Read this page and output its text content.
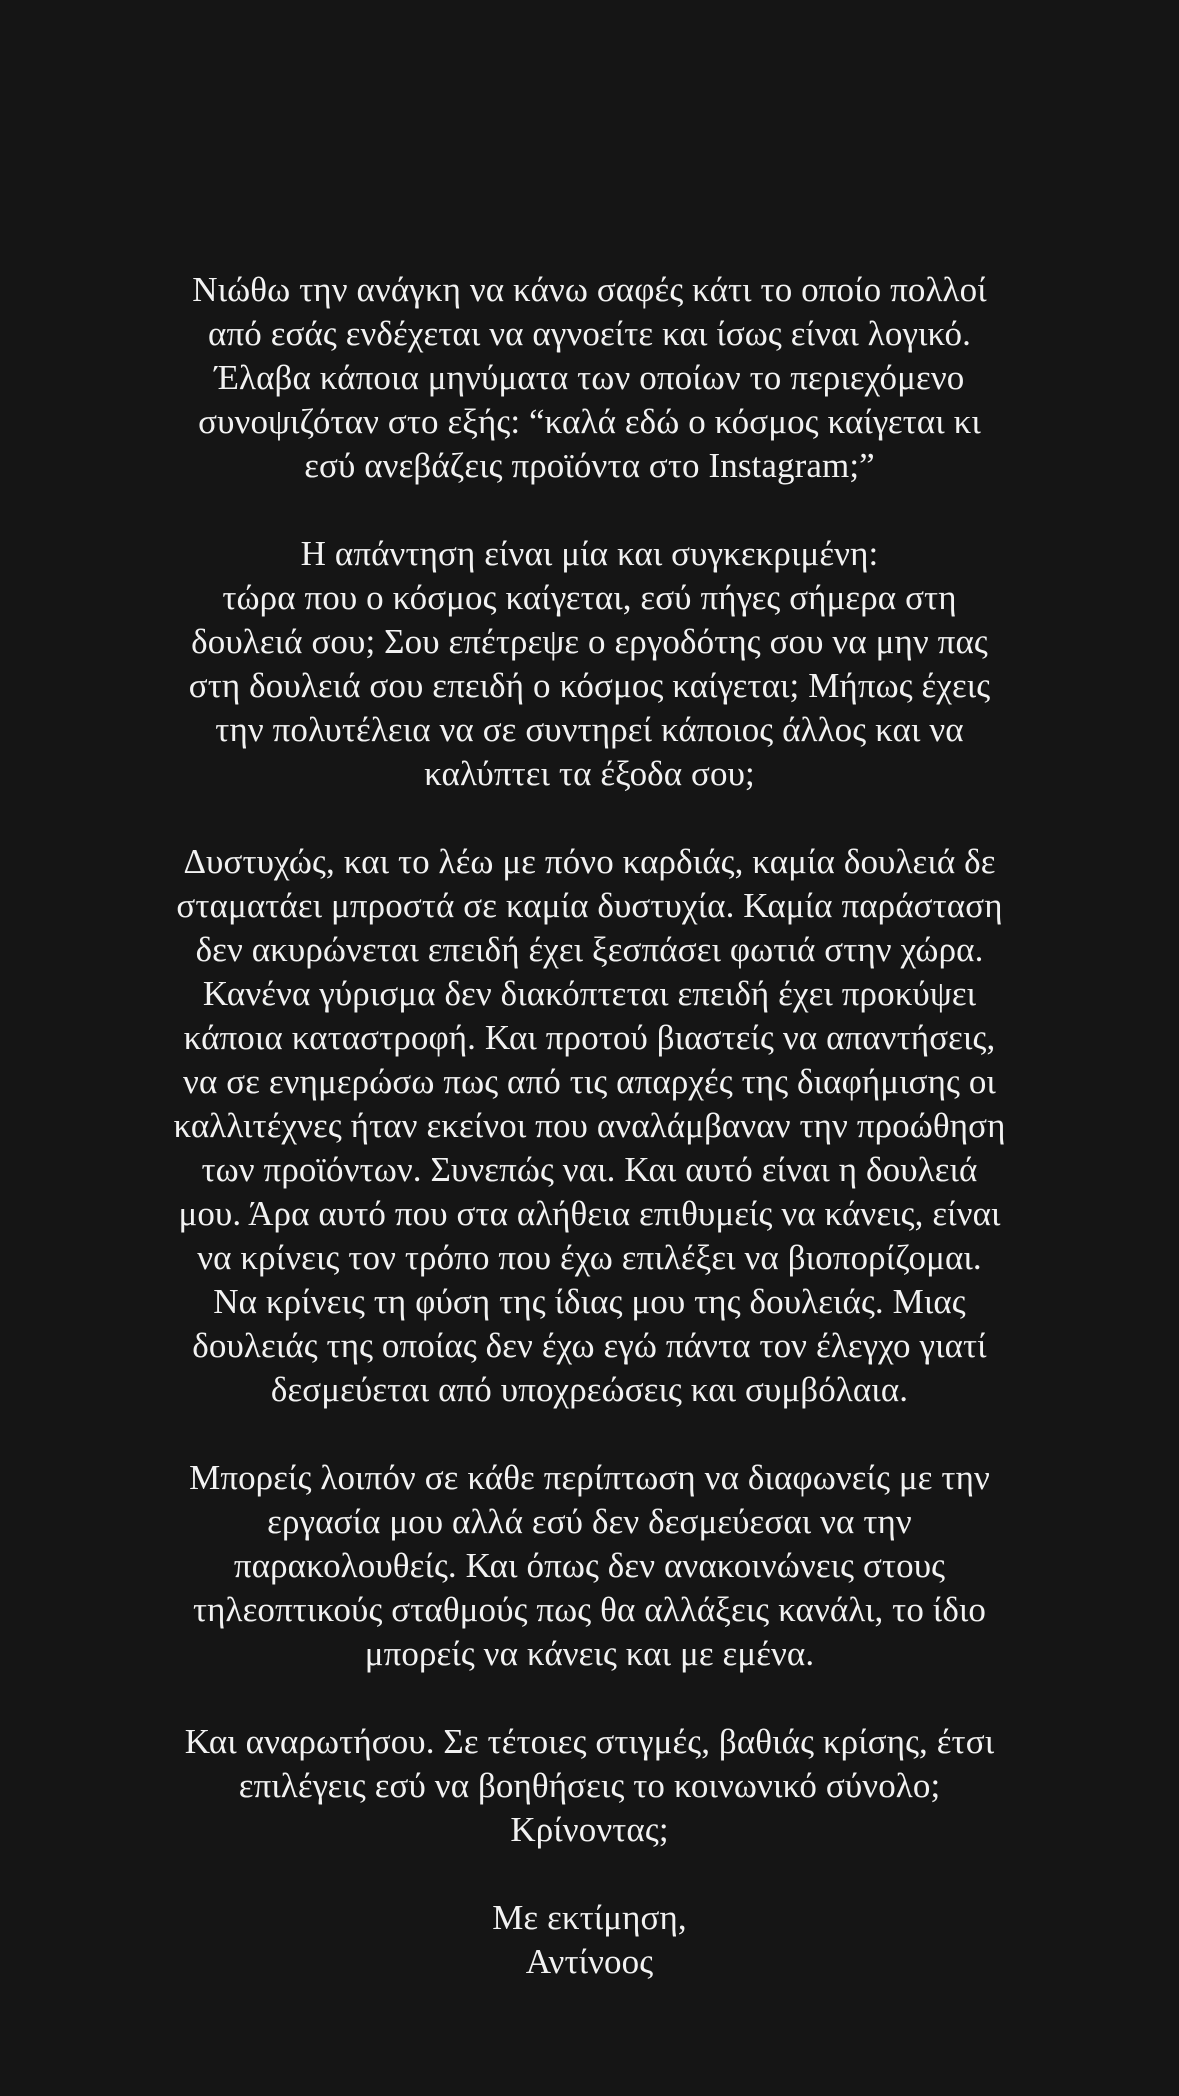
Νιώθω την ανάγκη να κάνω σαφές κάτι το οποίο πολλοί
από εσάς ενδέχεται να αγνοείτε και ίσως είναι λογικό.
Έλαβα κάποια μηνύματα των οποίων το περιεχόμενο
συνοψιζόταν στο εξής: “καλά εδώ ο κόσμος καίγεται κι
εσύ ανεβάζεις προϊόντα στο Instagram;”
Η απάντηση είναι μία και συγκεκριμένη:
τώρα που ο κόσμος καίγεται, εσύ πήγες σήμερα στη
δουλειά σου; Σου επέτρεψε ο εργοδότης σου να μην πας
στη δουλειά σου επειδή ο κόσμος καίγεται; Μήπως έχεις
την πολυτέλεια να σε συντηρεί κάποιος άλλος και να
καλύπτει τα έξοδα σου;
Δυστυχώς, και το λέω με πόνο καρδιάς, καμία δουλειά δε
σταματάει μπροστά σε καμία δυστυχία. Καμία παράσταση
δεν ακυρώνεται επειδή έχει ξεσπάσει φωτιά στην χώρα.
Κανένα γύρισμα δεν διακόπτεται επειδή έχει προκύψει
κάποια καταστροφή. Και προτού βιαστείς να απαντήσεις,
να σε ενημερώσω πως από τις απαρχές της διαφήμισης οι
καλλιτέχνες ήταν εκείνοι που αναλάμβαναν την προώθηση
των προϊόντων. Συνεπώς ναι. Και αυτό είναι η δουλειά
μου. Άρα αυτό που στα αλήθεια επιθυμείς να κάνεις, είναι
να κρίνεις τον τρόπο που έχω επιλέξει να βιοπορίζομαι.
Να κρίνεις τη φύση της ίδιας μου της δουλειάς. Μιας
δουλειάς της οποίας δεν έχω εγώ πάντα τον έλεγχο γιατί
δεσμεύεται από υποχρεώσεις και συμβόλαια.
Μπορείς λοιπόν σε κάθε περίπτωση να διαφωνείς με την
εργασία μου αλλά εσύ δεν δεσμεύεσαι να την
παρακολουθείς. Και όπως δεν ανακοινώνεις στους
τηλεοπτικούς σταθμούς πως θα αλλάξεις κανάλι, το ίδιο
μπορείς να κάνεις και με εμένα.
Και αναρωτήσου. Σε τέτοιες στιγμές, βαθιάς κρίσης, έτσι
επιλέγεις εσύ να βοηθήσεις το κοινωνικό σύνολο;
Κρίνοντας;
Με εκτίμηση,
Αντίνοος
